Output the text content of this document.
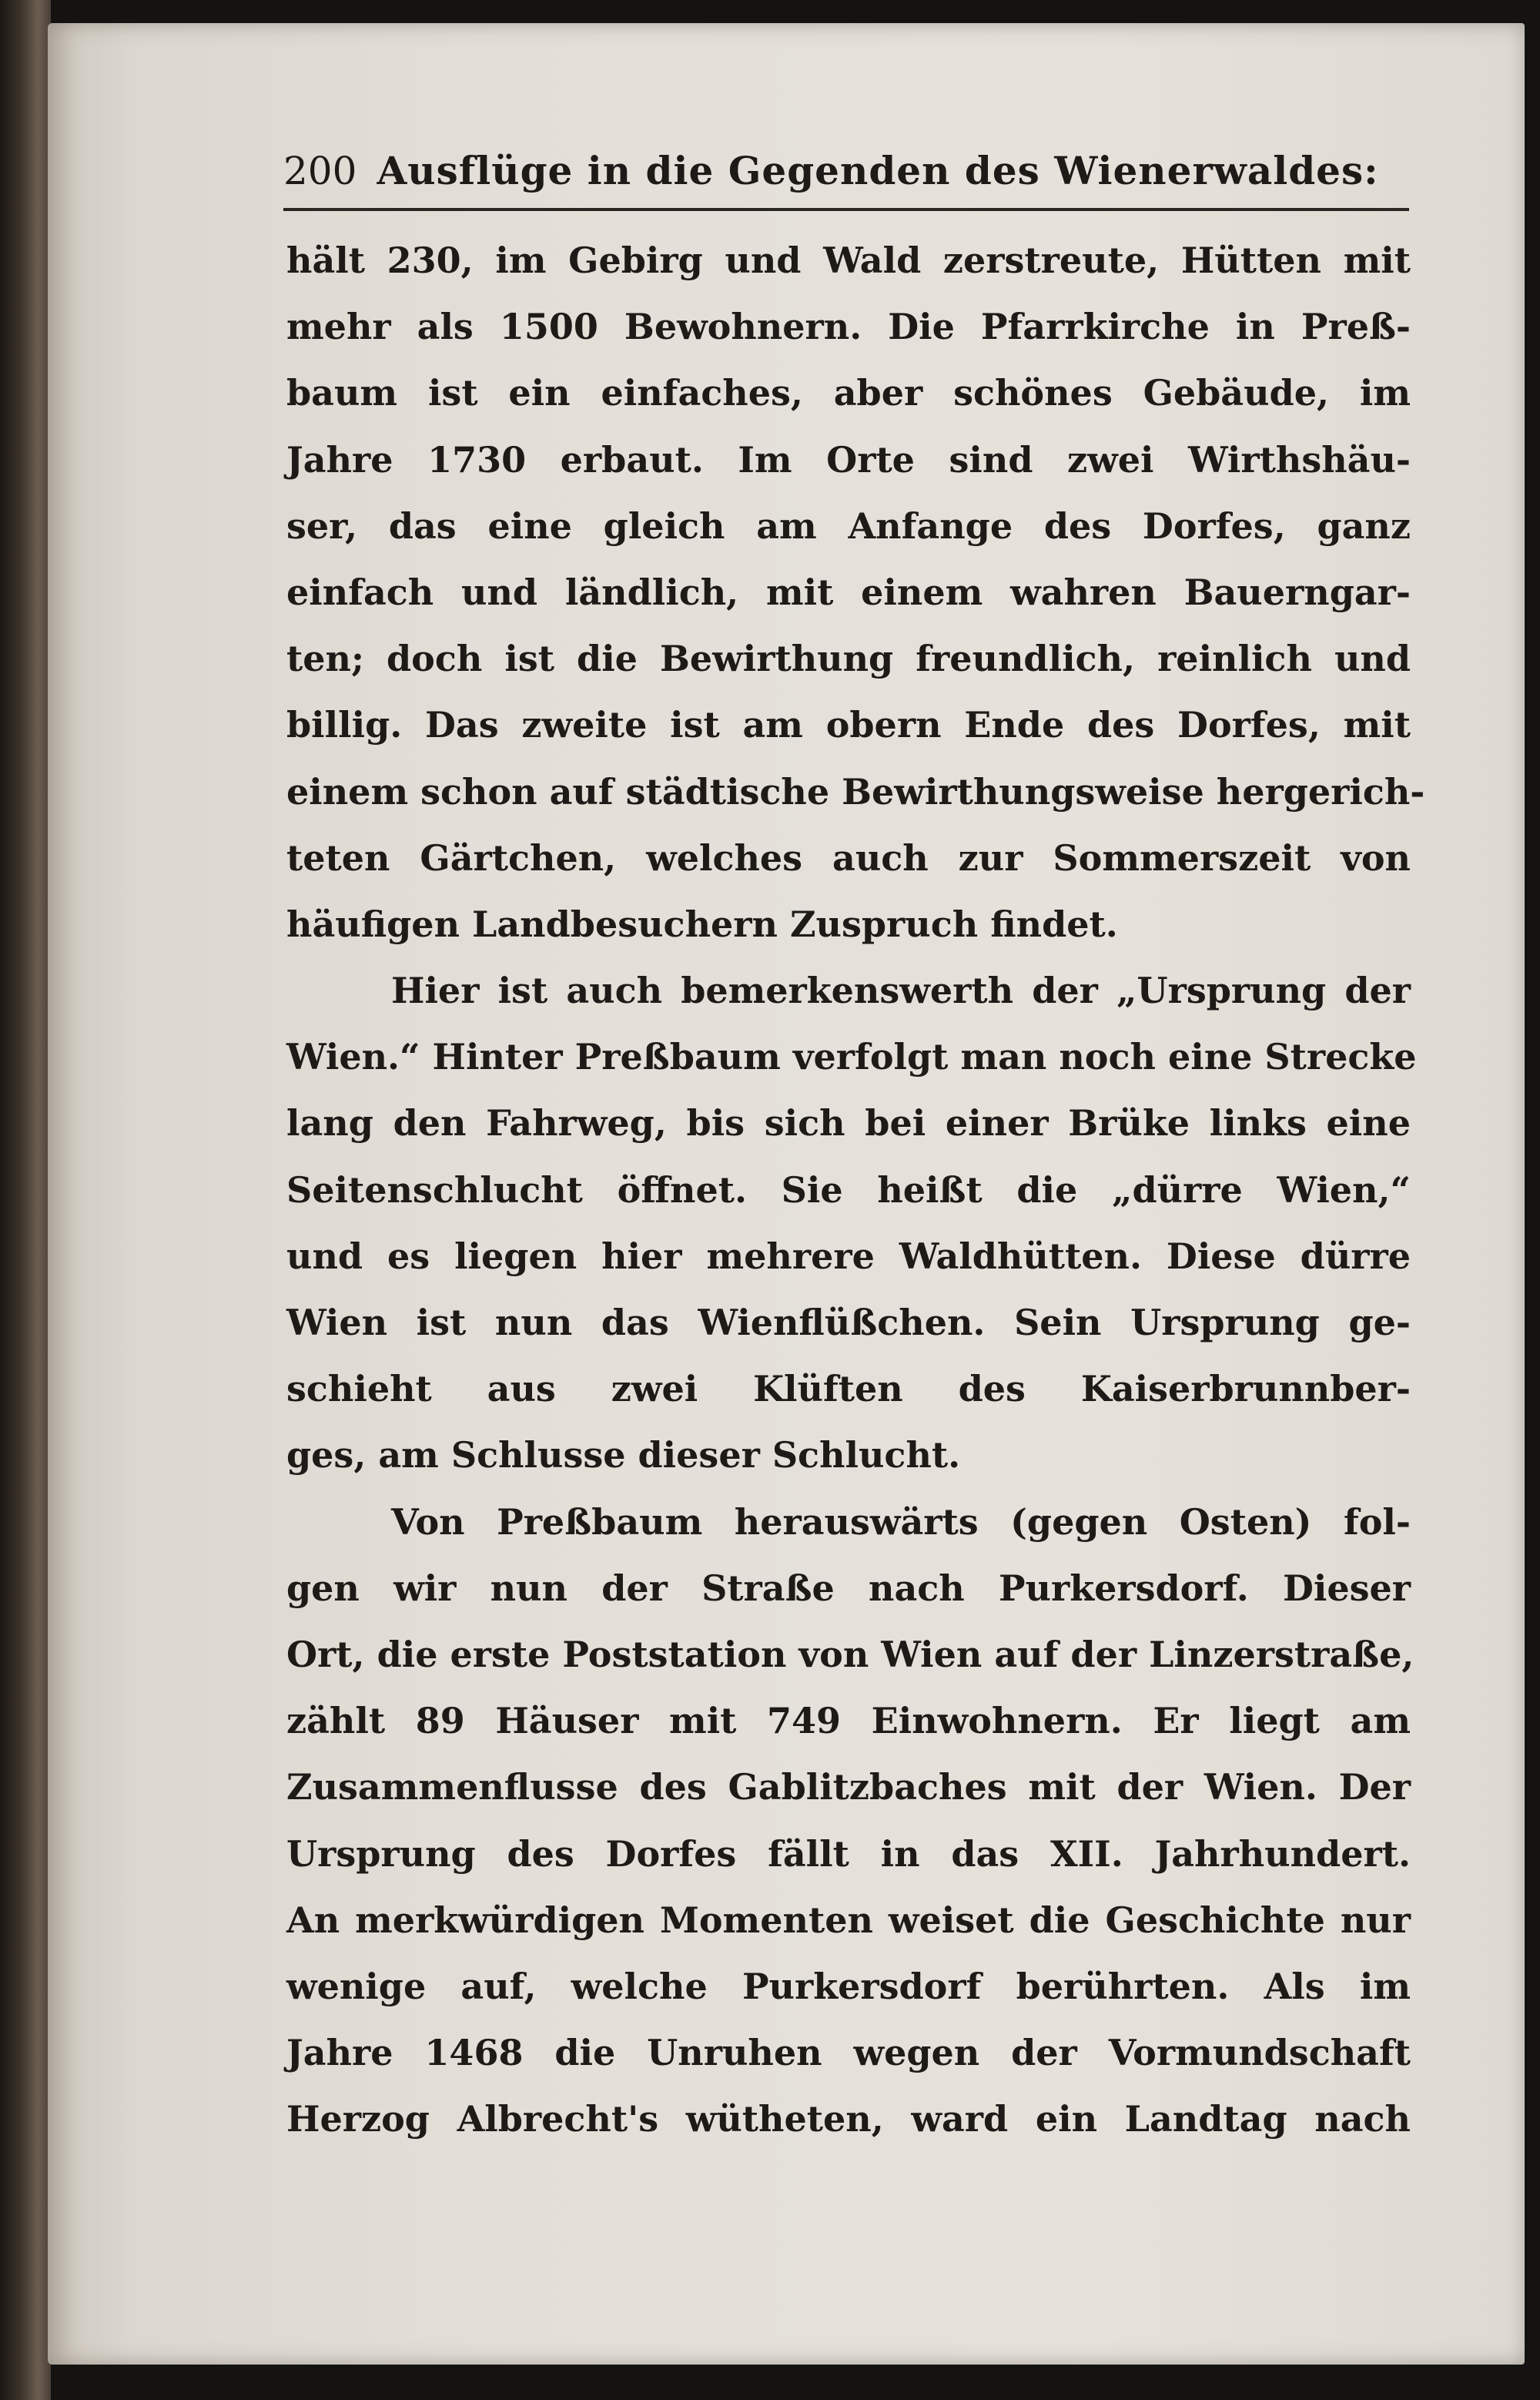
200 Ausflüge in die Gegenden des Wienerwaldes:
hält 230, im Gebirg und Wald zerstreute, Hütten mit
mehr als 1500 Bewohnern. Die Pfarrkirche in Preß-
baum ist ein einfaches, aber schönes Gebäude, im
Jahre 1730 erbaut. Im Orte sind zwei Wirthshäu-
ser, das eine gleich am Anfange des Dorfes, ganz
einfach und ländlich, mit einem wahren Bauerngar-
ten; doch ist die Bewirthung freundlich, reinlich und
billig. Das zweite ist am obern Ende des Dorfes, mit
einem schon auf städtische Bewirthungsweise hergerich-
teten Gärtchen, welches auch zur Sommerszeit von
häufigen Landbesuchern Zuspruch findet.
Hier ist auch bemerkenswerth der „Ursprung der
Wien.“ Hinter Preßbaum verfolgt man noch eine Strecke
lang den Fahrweg, bis sich bei einer Brüke links eine
Seitenschlucht öffnet. Sie heißt die „dürre Wien,“
und es liegen hier mehrere Waldhütten. Diese dürre
Wien ist nun das Wienflüßchen. Sein Ursprung ge-
schieht aus zwei Klüften des Kaiserbrunnber-
ges, am Schlusse dieser Schlucht.
Von Preßbaum herauswärts (gegen Osten) fol-
gen wir nun der Straße nach Purkersdorf. Dieser
Ort, die erste Poststation von Wien auf der Linzerstraße,
zählt 89 Häuser mit 749 Einwohnern. Er liegt am
Zusammenflusse des Gablitzbaches mit der Wien. Der
Ursprung des Dorfes fällt in das XII. Jahrhundert.
An merkwürdigen Momenten weiset die Geschichte nur
wenige auf, welche Purkersdorf berührten. Als im
Jahre 1468 die Unruhen wegen der Vormundschaft
Herzog Albrecht's wütheten, ward ein Landtag nach
